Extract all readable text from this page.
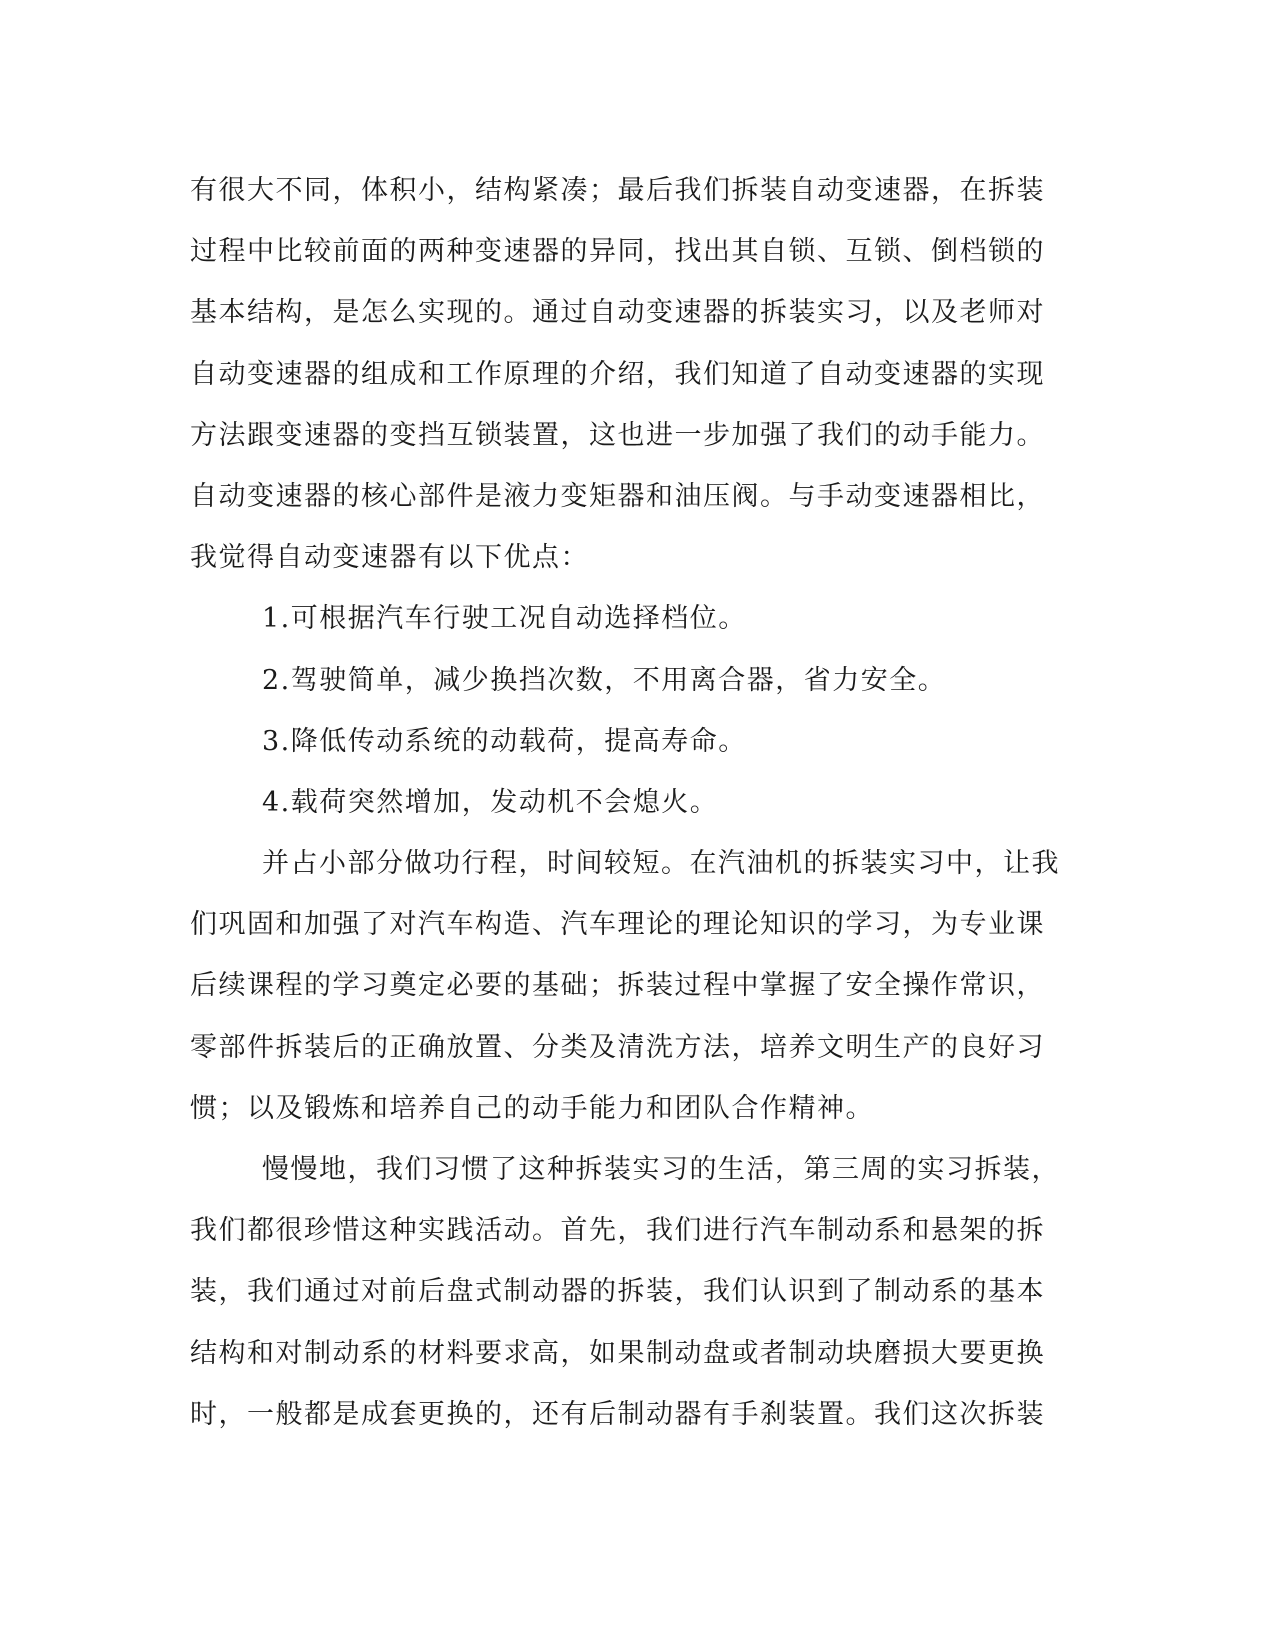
有很大不同，体积小，结构紧凑；最后我们拆装自动变速器，在拆装
过程中比较前面的两种变速器的异同，找出其自锁、互锁、倒档锁的
基本结构，是怎么实现的。通过自动变速器的拆装实习，以及老师对
自动变速器的组成和工作原理的介绍，我们知道了自动变速器的实现
方法跟变速器的变挡互锁装置，这也进一步加强了我们的动手能力。
自动变速器的核心部件是液力变矩器和油压阀。与手动变速器相比，
我觉得自动变速器有以下优点：
1.可根据汽车行驶工况自动选择档位。
2.驾驶简单，减少换挡次数，不用离合器，省力安全。
3.降低传动系统的动载荷，提高寿命。
4.载荷突然增加，发动机不会熄火。
并占小部分做功行程，时间较短。在汽油机的拆装实习中，让我
们巩固和加强了对汽车构造、汽车理论的理论知识的学习，为专业课
后续课程的学习奠定必要的基础；拆装过程中掌握了安全操作常识，
零部件拆装后的正确放置、分类及清洗方法，培养文明生产的良好习
惯；以及锻炼和培养自己的动手能力和团队合作精神。
慢慢地，我们习惯了这种拆装实习的生活，第三周的实习拆装，
我们都很珍惜这种实践活动。首先，我们进行汽车制动系和悬架的拆
装，我们通过对前后盘式制动器的拆装，我们认识到了制动系的基本
结构和对制动系的材料要求高，如果制动盘或者制动块磨损大要更换
时，一般都是成套更换的，还有后制动器有手刹装置。我们这次拆装
